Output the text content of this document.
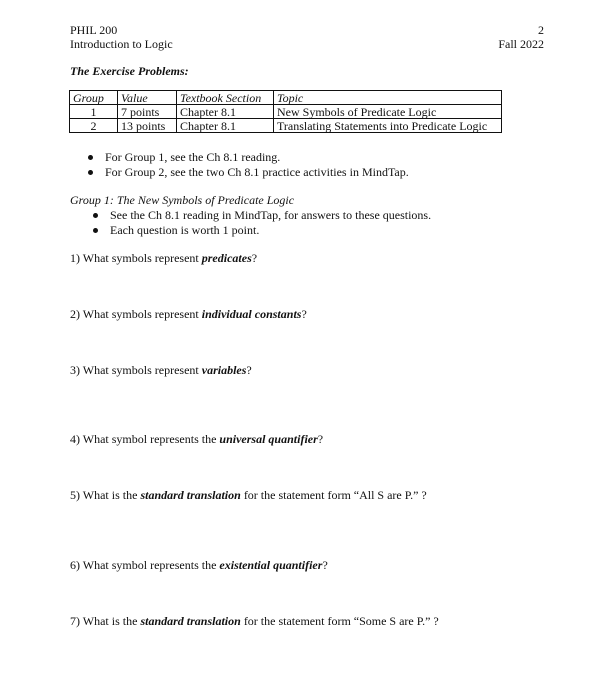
PHIL 200
Introduction to Logic
2
Fall 2022
The Exercise Problems:
Group	Value	Textbook Section	Topic
1	7 points	Chapter 8.1	New Symbols of Predicate Logic
2	13 points	Chapter 8.1	Translating Statements into Predicate Logic
For Group 1, see the Ch 8.1 reading.
For Group 2, see the two Ch 8.1 practice activities in MindTap.
Group 1: The New Symbols of Predicate Logic
See the Ch 8.1 reading in MindTap, for answers to these questions.
Each question is worth 1 point.
1) What symbols represent predicates?
2) What symbols represent individual constants?
3) What symbols represent variables?
4) What symbol represents the universal quantifier?
5) What is the standard translation for the statement form “All S are P.” ?
6) What symbol represents the existential quantifier?
7) What is the standard translation for the statement form “Some S are P.” ?
